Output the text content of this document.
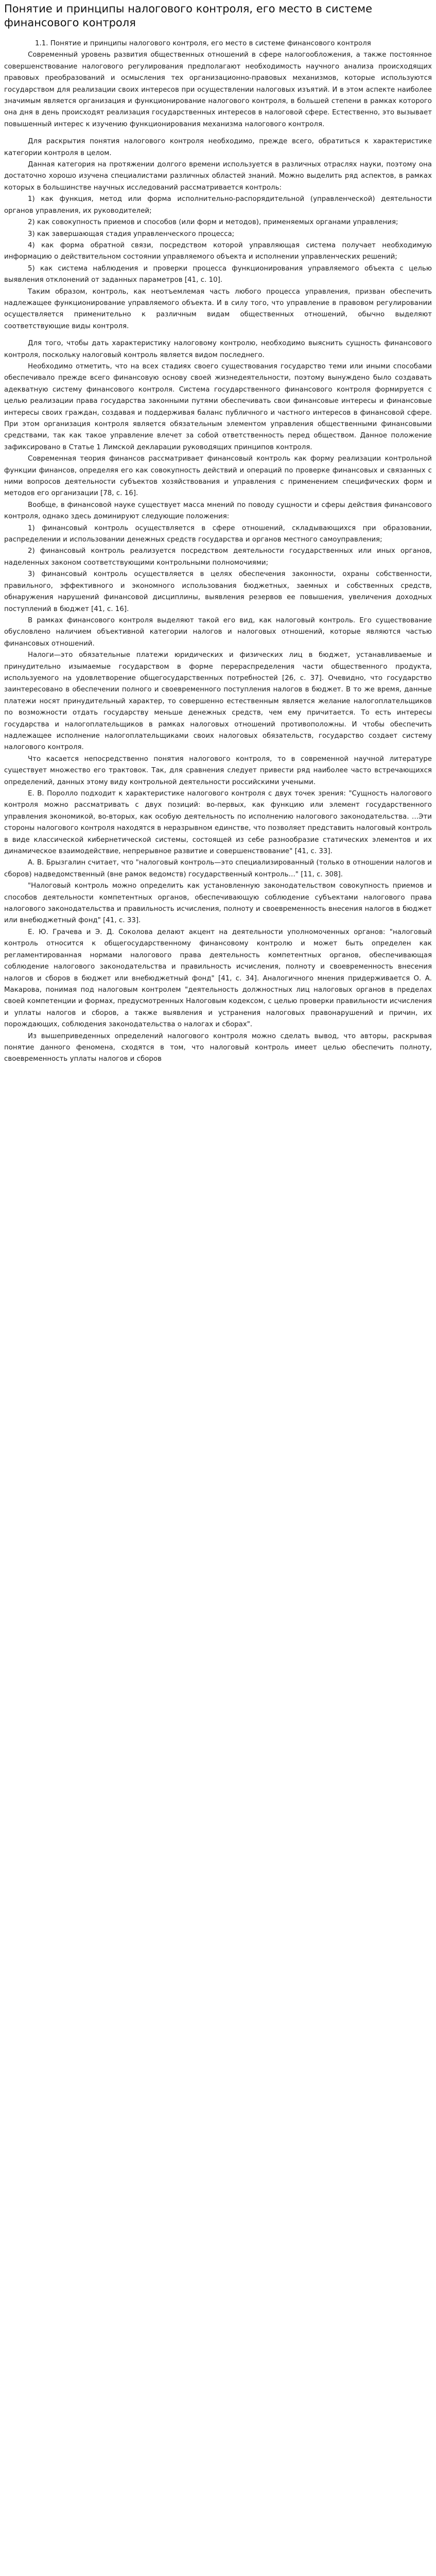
Понятие и принципы налогового контроля, его место в системе финансового контроля

1.1. Понятие и принципы налогового контроля, его место в системе финансового контроля

Современный уровень развития общественных отношений в сфере налогообложения, а также постоянное совершенствование налогового регулирования предполагают необходимость научного анализа происходящих правовых преобразований и осмысления тех организационно-правовых механизмов, которые используются государством для реализации своих интересов при осуществлении налоговых изъятий. И в этом аспекте наиболее значимым является организация и функционирование налогового контроля, в большей степени в рамках которого она дня в день происходят реализация государственных интересов в налоговой сфере. Естественно, это вызывает повышенный интерес к изучению функционирования механизма налогового контроля.

Для раскрытия понятия налогового контроля необходимо, прежде всего, обратиться к характеристике категории контроля в целом.

Данная категория на протяжении долгого времени используется в различных отраслях науки, поэтому она достаточно хорошо изучена специалистами различных областей знаний. Можно выделить ряд аспектов, в рамках которых в большинстве научных исследований рассматривается контроль:

1) как функция, метод или форма исполнительно-распорядительной (управленческой) деятельности органов управления, их руководителей;

2) как совокупность приемов и способов (или форм и методов), применяемых органами управления;

3) как завершающая стадия управленческого процесса;

4) как форма обратной связи, посредством которой управляющая система получает необходимую информацию о действительном состоянии управляемого объекта и исполнении управленческих решений;

5) как система наблюдения и проверки процесса функционирования управляемого объекта с целью выявления отклонений от заданных параметров [41, с. 10].

Таким образом, контроль, как неотъемлемая часть любого процесса управления, призван обеспечить надлежащее функционирование управляемого объекта. И в силу того, что управление в правовом регулировании осуществляется применительно к различным видам общественных отношений, обычно выделяют соответствующие виды контроля.

Для того, чтобы дать характеристику налоговому контролю, необходимо выяснить сущность финансового контроля, поскольку налоговый контроль является видом последнего.

Необходимо отметить, что на всех стадиях своего существования государство теми или иными способами обеспечивало прежде всего финансовую основу своей жизнедеятельности, поэтому вынуждено было создавать адекватную систему финансового контроля. Система государственного финансового контроля формируется с целью реализации права государства законными путями обеспечивать свои финансовые интересы и финансовые интересы своих граждан, создавая и поддерживая баланс публичного и частного интересов в финансовой сфере. При этом организация контроля является обязательным элементом управления общественными финансовыми средствами, так как такое управление влечет за собой ответственность перед обществом. Данное положение зафиксировано в Статье 1 Лимской декларации руководящих принципов контроля.

Современная теория финансов рассматривает финансовый контроль как форму реализации контрольной функции финансов, определяя его как совокупность действий и операций по проверке финансовых и связанных с ними вопросов деятельности субъектов хозяйствования и управления с применением специфических форм и методов его организации [78, с. 16].

Вообще, в финансовой науке существует масса мнений по поводу сущности и сферы действия финансового контроля, однако здесь доминируют следующие положения:

1) финансовый контроль осуществляется в сфере отношений, складывающихся при образовании, распределении и использовании денежных средств государства и органов местного самоуправления;

2) финансовый контроль реализуется посредством деятельности государственных или иных органов, наделенных законом соответствующими контрольными полномочиями;

3) финансовый контроль осуществляется в целях обеспечения законности, охраны собственности, правильного, эффективного и экономного использования бюджетных, заемных и собственных средств, обнаружения нарушений финансовой дисциплины, выявления резервов ее повышения, увеличения доходных поступлений в бюджет [41, с. 16].

В рамках финансового контроля выделяют такой его вид, как налоговый контроль. Его существование обусловлено наличием объективной категории налогов и налоговых отношений, которые являются частью финансовых отношений.

Налоги—это обязательные платежи юридических и физических лиц в бюджет, устанавливаемые и принудительно изымаемые государством в форме перераспределения части общественного продукта, используемого на удовлетворение общегосударственных потребностей [26, с. 37]. Очевидно, что государство заинтересовано в обеспечении полного и своевременного поступления налогов в бюджет. В то же время, данные платежи носят принудительный характер, то совершенно естественным является желание налогоплательщиков по возможности отдать государству меньше денежных средств, чем ему причитается. То есть интересы государства и налогоплательщиков в рамках налоговых отношений противоположны. И чтобы обеспечить надлежащее исполнение налогоплательщиками своих налоговых обязательств, государство создает систему налогового контроля.

Что касается непосредственно понятия налогового контроля, то в современной научной литературе существует множество его трактовок. Так, для сравнения следует привести ряд наиболее часто встречающихся определений, данных этому виду контрольной деятельности российскими учеными.

Е. В. Поролло подходит к характеристике налогового контроля с двух точек зрения: "Сущность налогового контроля можно рассматривать с двух позиций: во-первых, как функцию или элемент государственного управления экономикой, во-вторых, как особую деятельность по исполнению налогового законодательства. …Эти стороны налогового контроля находятся в неразрывном единстве, что позволяет представить налоговый контроль в виде классической кибернетической системы, состоящей из себе разнообразие статических элементов и их динамическое взаимодействие, непрерывное развитие и совершенствование" [41, с. 33].

А. В. Брызгалин считает, что "налоговый контроль—это специализированный (только в отношении налогов и сборов) надведомственный (вне рамок ведомств) государственный контроль…" [11, с. 308].

"Налоговый контроль можно определить как установленную законодательством совокупность приемов и способов деятельности компетентных органов, обеспечивающую соблюдение субъектами налогового права налогового законодательства и правильность исчисления, полноту и своевременность внесения налогов в бюджет или внебюджетный фонд" [41, с. 33].

Е. Ю. Грачева и Э. Д. Соколова делают акцент на деятельности уполномоченных органов: "налоговый контроль относится к общегосударственному финансовому контролю и может быть определен как регламентированная нормами налогового права деятельность компетентных органов, обеспечивающая соблюдение налогового законодательства и правильность исчисления, полноту и своевременность внесения налогов и сборов в бюджет или внебюджетный фонд" [41, с. 34]. Аналогичного мнения придерживается О. А. Макарова, понимая под налоговым контролем "деятельность должностных лиц налоговых органов в пределах своей компетенции и формах, предусмотренных Налоговым кодексом, с целью проверки правильности исчисления и уплаты налогов и сборов, а также выявления и устранения налоговых правонарушений и причин, их порождающих, соблюдения законодательства о налогах и сборах".

Из вышеприведенных определений налогового контроля можно сделать вывод, что авторы, раскрывая понятие данного феномена, сходятся в том, что налоговый контроль имеет целью обеспечить полноту, своевременность уплаты налогов и сборов
